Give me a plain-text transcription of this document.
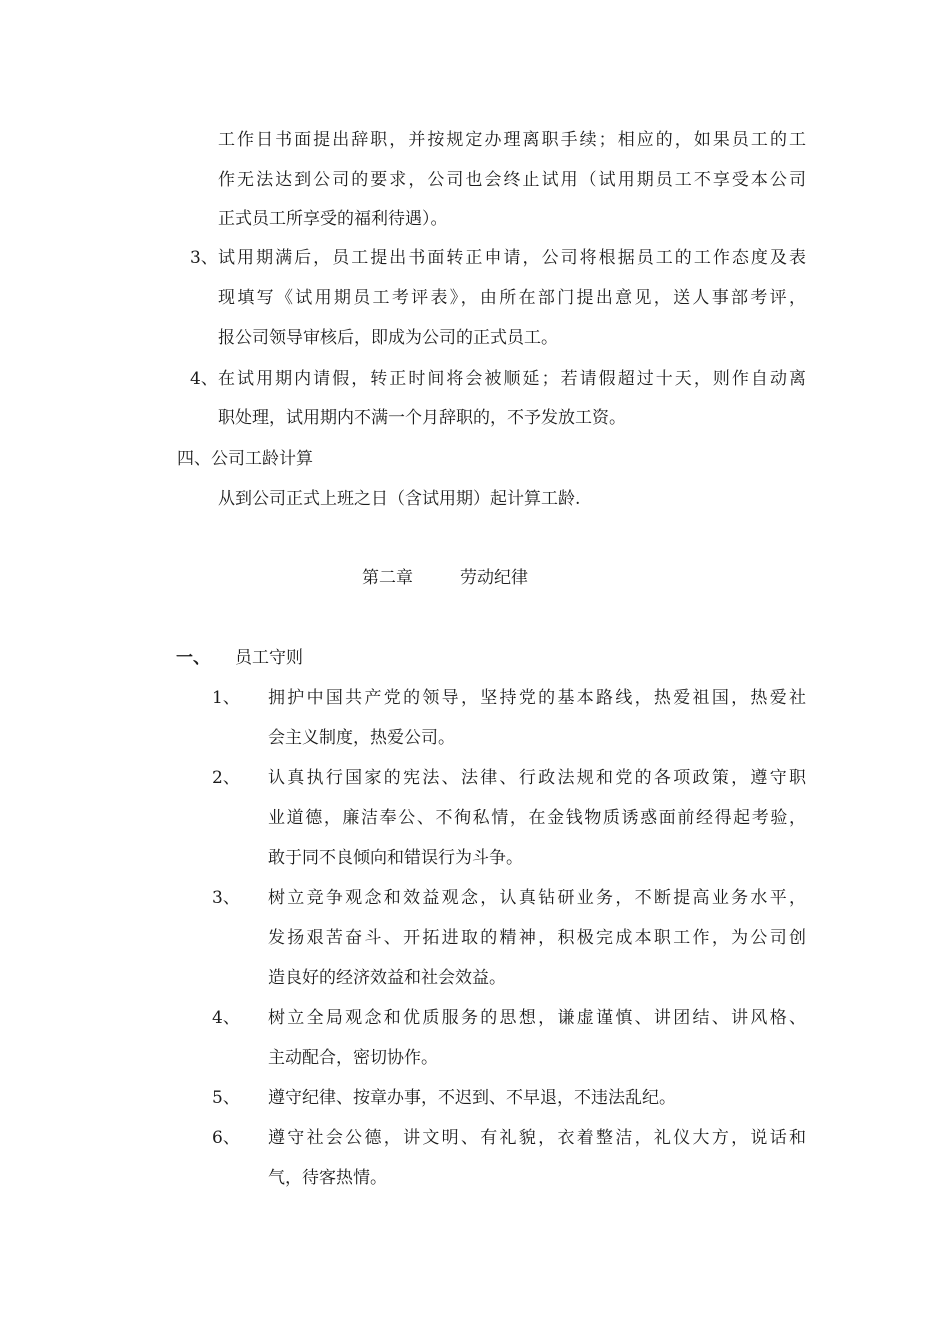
工作日书面提出辞职，并按规定办理离职手续；相应的，如果员工的工
作无法达到公司的要求，公司也会终止试用（试用期员工不享受本公司
正式员工所享受的福利待遇）。
3、 试用期满后，员工提出书面转正申请，公司将根据员工的工作态度及表
现填写《试用期员工考评表》，由所在部门提出意见，送人事部考评，
报公司领导审核后，即成为公司的正式员工。
4、 在试用期内请假，转正时间将会被顺延；若请假超过十天，则作自动离
职处理，试用期内不满一个月辞职的，不予发放工资。
四、公司工龄计算
从到公司正式上班之日（含试用期）起计算工龄.
第二章	劳动纪律
一、 员工守则
1、 拥护中国共产党的领导，坚持党的基本路线，热爱祖国，热爱社
会主义制度，热爱公司。
2、 认真执行国家的宪法、法律、行政法规和党的各项政策，遵守职
业道德，廉洁奉公、不徇私情，在金钱物质诱惑面前经得起考验，
敢于同不良倾向和错误行为斗争。
3、 树立竞争观念和效益观念，认真钻研业务，不断提高业务水平，
发扬艰苦奋斗、开拓进取的精神，积极完成本职工作，为公司创
造良好的经济效益和社会效益。
4、 树立全局观念和优质服务的思想，谦虚谨慎、讲团结、讲风格、
主动配合，密切协作。
5、 遵守纪律、按章办事，不迟到、不早退，不违法乱纪。
6、 遵守社会公德，讲文明、有礼貌，衣着整洁，礼仪大方，说话和
气，待客热情。
